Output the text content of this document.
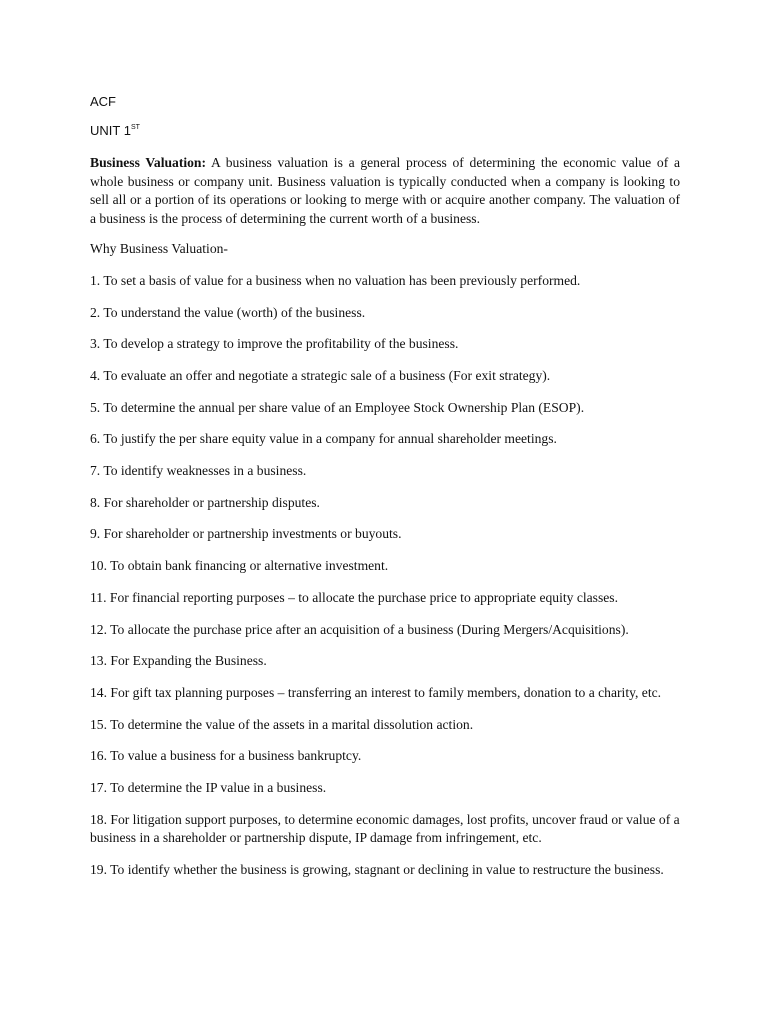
ACF

UNIT 1ST

Business Valuation: A business valuation is a general process of determining the economic value of a whole business or company unit. Business valuation is typically conducted when a company is looking to sell all or a portion of its operations or looking to merge with or acquire another company. The valuation of a business is the process of determining the current worth of a business.

Why Business Valuation-

1. To set a basis of value for a business when no valuation has been previously performed.
2. To understand the value (worth) of the business.
3. To develop a strategy to improve the profitability of the business.
4. To evaluate an offer and negotiate a strategic sale of a business (For exit strategy).
5. To determine the annual per share value of an Employee Stock Ownership Plan (ESOP).
6. To justify the per share equity value in a company for annual shareholder meetings.
7. To identify weaknesses in a business.
8. For shareholder or partnership disputes.
9. For shareholder or partnership investments or buyouts.
10. To obtain bank financing or alternative investment.
11. For financial reporting purposes – to allocate the purchase price to appropriate equity classes.
12. To allocate the purchase price after an acquisition of a business (During Mergers/Acquisitions).
13. For Expanding the Business.
14. For gift tax planning purposes – transferring an interest to family members, donation to a charity, etc.
15. To determine the value of the assets in a marital dissolution action.
16. To value a business for a business bankruptcy.
17. To determine the IP value in a business.
18. For litigation support purposes, to determine economic damages, lost profits, uncover fraud or value of a business in a shareholder or partnership dispute, IP damage from infringement, etc.
19. To identify whether the business is growing, stagnant or declining in value to restructure the business.
